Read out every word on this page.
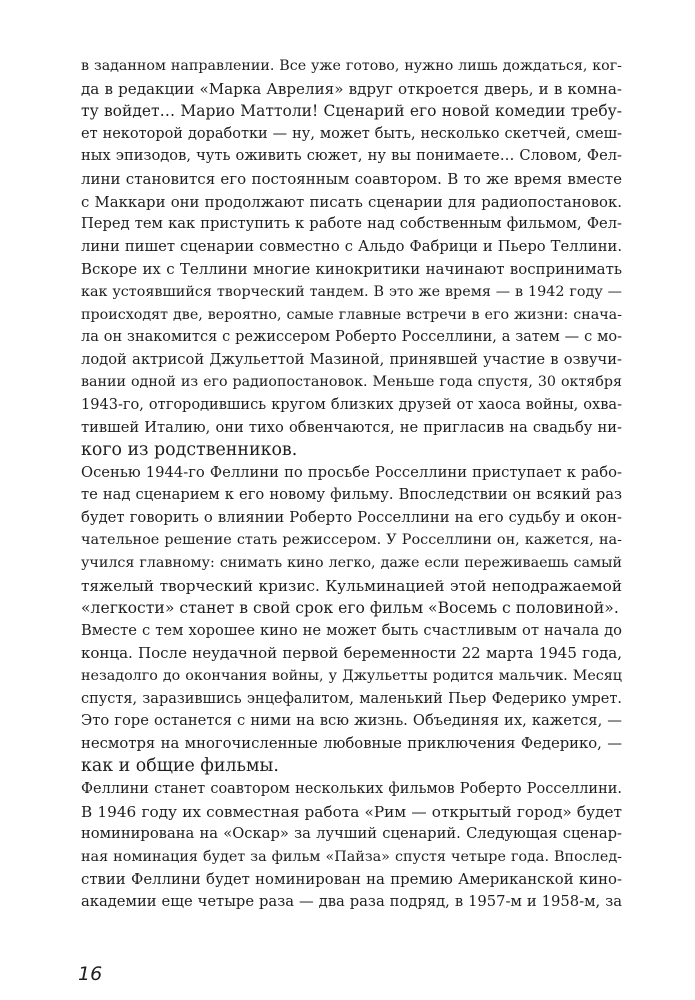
в заданном направлении. Все уже готово, нужно лишь дождаться, ког-
да в редакции «Марка Аврелия» вдруг откроется дверь, и в комна-
ту войдет… Марио Маттоли! Сценарий его новой комедии требу-
ет некоторой доработки — ну, может быть, несколько скетчей, смеш-
ных эпизодов, чуть оживить сюжет, ну вы понимаете… Словом, Фел-
лини становится его постоянным соавтором. В то же время вместе
с Маккари они продолжают писать сценарии для радиопостановок.
Перед тем как приступить к работе над собственным фильмом, Фел-
лини пишет сценарии совместно с Альдо Фабрици и Пьеро Теллини.
Вскоре их с Теллини многие кинокритики начинают воспринимать
как устоявшийся творческий тандем. В это же время — в 1942 году —
происходят две, вероятно, самые главные встречи в его жизни: снача-
ла он знакомится с режиссером Роберто Росселлини, а затем — с мо-
лодой актрисой Джульеттой Мазиной, принявшей участие в озвучи-
вании одной из его радиопостановок. Меньше года спустя, 30 октября
1943-го, отгородившись кругом близких друзей от хаоса войны, охва-
тившей Италию, они тихо обвенчаются, не пригласив на свадьбу ни-
кого из родственников.
Осенью 1944-го Феллини по просьбе Росселлини приступает к рабо-
те над сценарием к его новому фильму. Впоследствии он всякий раз
будет говорить о влиянии Роберто Росселлини на его судьбу и окон-
чательное решение стать режиссером. У Росселлини он, кажется, на-
учился главному: снимать кино легко, даже если переживаешь самый
тяжелый творческий кризис. Кульминацией этой неподражаемой
«легкости» станет в свой срок его фильм «Восемь с половиной».
Вместе с тем хорошее кино не может быть счастливым от начала до
конца. После неудачной первой беременности 22 марта 1945 года,
незадолго до окончания войны, у Джульетты родится мальчик. Месяц
спустя, заразившись энцефалитом, маленький Пьер Федерико умрет.
Это горе останется с ними на всю жизнь. Объединяя их, кажется, —
несмотря на многочисленные любовные приключения Федерико, —
как и общие фильмы.
Феллини станет соавтором нескольких фильмов Роберто Росселлини.
В 1946 году их совместная работа «Рим — открытый город» будет
номинирована на «Оскар» за лучший сценарий. Следующая сценар-
ная номинация будет за фильм «Пайза» спустя четыре года. Впослед-
ствии Феллини будет номинирован на премию Американской кино-
академии еще четыре раза — два раза подряд, в 1957-м и 1958-м, за
16
